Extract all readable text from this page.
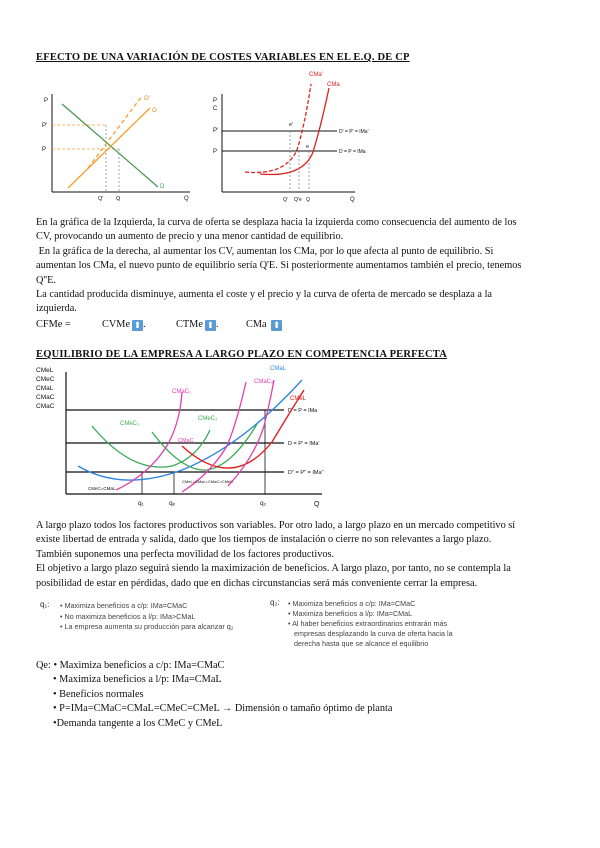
EFECTO DE UNA VARIACIÓN DE COSTES VARIABLES EN EL E.Q. DE CP
P
Q
P'
P
O'
O
D
Q' Q
P
C
P'
P
D' = P' = IMa'
D = P = IMa
CMa'
CMa
e'
e
Q' Q'e Q	Q
En la gráfica de la Izquierda, la curva de oferta se desplaza hacia la izquierda como consecuencia del aumento de los
CV, provocando un aumento de precio y una menor cantidad de equilibrio.
En la gráfica de la derecha, al aumentar los CV, aumentan los CMa, por lo que afecta al punto de equilibrio. Si
aumentan los CMa, el nuevo punto de equilibrio sería Q'E. Si posteriormente aumentamos también el precio, tenemos
Q''E.
La cantidad producida disminuye, aumenta el coste y el precio y la curva de oferta de mercado se desplaza a la
izquierda.
CFMe =	CVMe ⬆ .	CTMe ⬆ .	CMa ⬆
EQUILIBRIO DE LA EMPRESA A LARGO PLAZO EN COMPETENCIA PERFECTA
CMeL
CMeC
CMaL
CMaC
CMaC
Q
D = P = IMa
D = P' = IMa'
D'' = P'' = IMa''
CMaC₁
CMaC₂
CMaL
CMeC₁
CMeC₂
CMeL
CMaC
CMeC=CMaL
CMeL=CMaL=CMaC=CMeC
q₁	qₑ	q₂
A largo plazo todos los factores productivos son variables. Por otro lado, a largo plazo en un mercado competitivo sí
existe libertad de entrada y salida, dado que los tiempos de instalación o cierre no son relevantes a largo plazo.
También suponemos una perfecta movilidad de los factores productivos.
El objetivo a largo plazo seguirá siendo la maximización de beneficios. A largo plazo, por tanto, no se contempla la
posibilidad de estar en pérdidas, dado que en dichas circunstancias será más conveniente cerrar la empresa.
q₁: • Maximiza beneficios a c/p: IMa=CMaC
• No maximiza beneficios a l/p: IMa>CMaL
• La empresa aumenta su producción para alcanzar q₂
q₂: • Maximiza beneficios a c/p: IMa=CMaC
• Maximiza beneficios a l/p: IMa=CMaL
• Al haber beneficios extraordinarios entrarán más
empresas desplazando la curva de oferta hacia la
derecha hasta que se alcance el equilibrio
Qe: • Maximiza beneficios a c/p: IMa=CMaC
• Maximiza beneficios a l/p: IMa=CMaL
• Beneficios normales
• P=IMa=CMaC=CMaL=CMeC=CMeL → Dimensión o tamaño óptimo de planta
•Demanda tangente a los CMeC y CMeL
